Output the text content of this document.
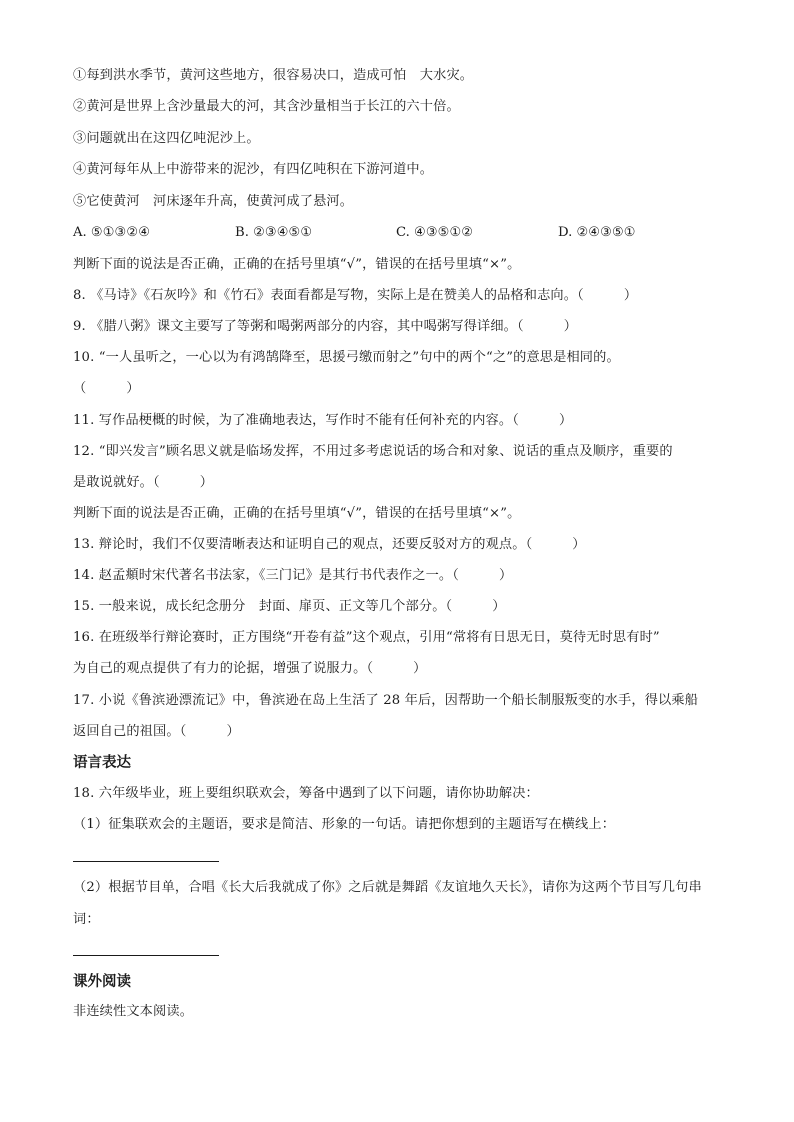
①每到洪水季节，黄河这些地方，很容易决口，造成可怕　大水灾。
②黄河是世界上含沙量最大的河，其含沙量相当于长江的六十倍。
③问题就出在这四亿吨泥沙上。
④黄河每年从上中游带来的泥沙，有四亿吨积在下游河道中。
⑤它使黄河　河床逐年升高，使黄河成了悬河。
A. ⑤①③②④	B. ②③④⑤①	C. ④③⑤①②	D. ②④③⑤①
判断下面的说法是否正确，正确的在括号里填“√”，错误的在括号里填“×”。
8. 《马诗》《石灰吟》和《竹石》表面看都是写物，实际上是在赞美人的品格和志向。（　　　）
9. 《腊八粥》课文主要写了等粥和喝粥两部分的内容，其中喝粥写得详细。（　　　）
10. “一人虽听之，一心以为有鸿鹄降至，思援弓缴而射之”句中的两个“之”的意思是相同的。
（　　　）
11. 写作品梗概的时候，为了准确地表达，写作时不能有任何补充的内容。（　　　）
12. “即兴发言”顾名思义就是临场发挥，不用过多考虑说话的场合和对象、说话的重点及顺序，重要的
是敢说就好。（　　　）
判断下面的说法是否正确，正确的在括号里填“√”，错误的在括号里填“×”。
13. 辩论时，我们不仅要清晰表达和证明自己的观点，还要反驳对方的观点。（　　　）
14. 赵孟頫时宋代著名书法家，《三门记》是其行书代表作之一。（　　　）
15. 一般来说，成长纪念册分　封面、扉页、正文等几个部分。（　　　）
16. 在班级举行辩论赛时，正方围绕“开卷有益”这个观点，引用“常将有日思无日，莫待无时思有时”
为自己的观点提供了有力的论据，增强了说服力。（　　　）
17. 小说《鲁滨逊漂流记》中，鲁滨逊在岛上生活了 28 年后，因帮助一个船长制服叛变的水手，得以乘船
返回自己的祖国。（　　　）
语言表达
18. 六年级毕业，班上要组织联欢会，筹备中遇到了以下问题，请你协助解决：
（1）征集联欢会的主题语，要求是简洁、形象的一句话。请把你想到的主题语写在横线上：
（2）根据节目单，合唱《长大后我就成了你》之后就是舞蹈《友谊地久天长》，请你为这两个节目写几句串
词：
课外阅读
非连续性文本阅读。
